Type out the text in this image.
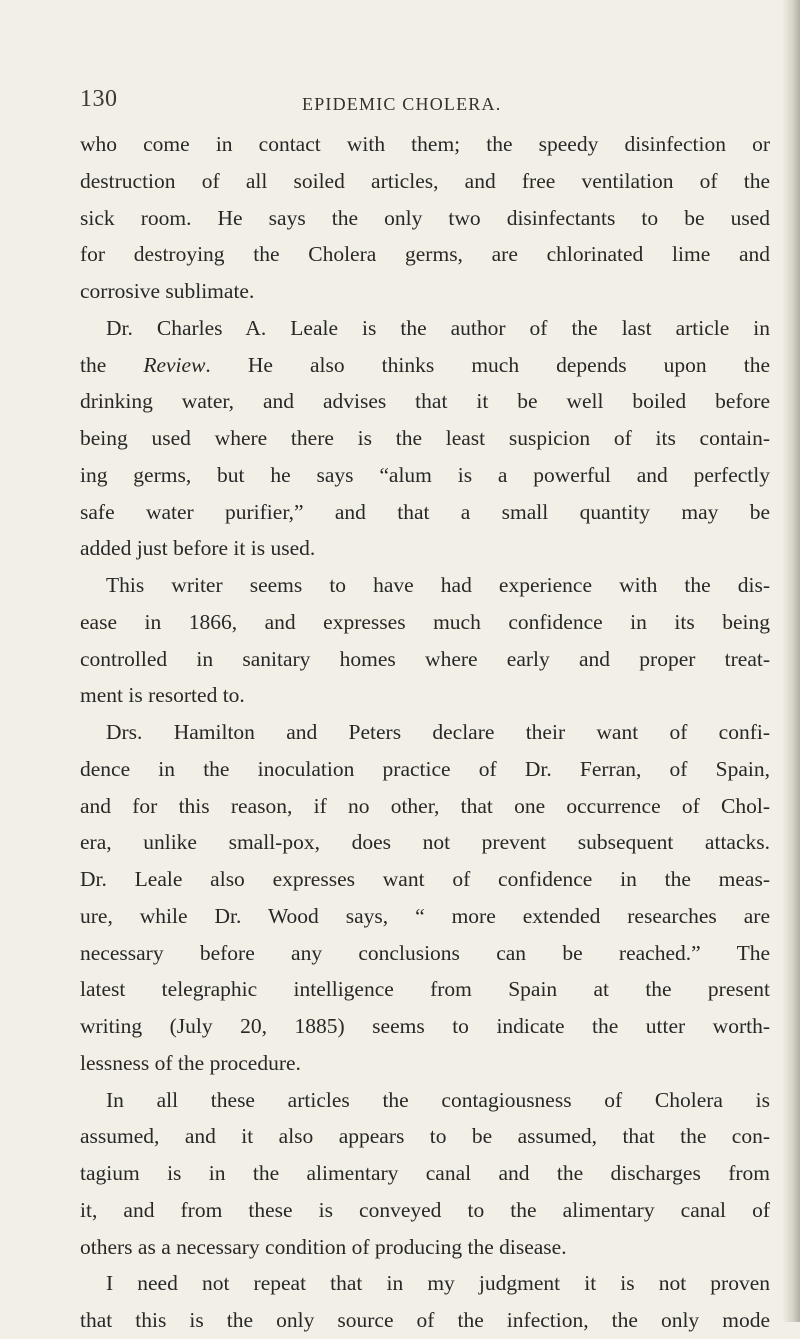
130	EPIDEMIC CHOLERA.
who come in contact with them; the speedy disinfection or
destruction of all soiled articles, and free ventilation of the
sick room. He says the only two disinfectants to be used
for destroying the Cholera germs, are chlorinated lime and
corrosive sublimate.
Dr. Charles A. Leale is the author of the last article in
the Review. He also thinks much depends upon the
drinking water, and advises that it be well boiled before
being used where there is the least suspicion of its contain-
ing germs, but he says “alum is a powerful and perfectly
safe water purifier,” and that a small quantity may be
added just before it is used.
This writer seems to have had experience with the dis-
ease in 1866, and expresses much confidence in its being
controlled in sanitary homes where early and proper treat-
ment is resorted to.
Drs. Hamilton and Peters declare their want of confi-
dence in the inoculation practice of Dr. Ferran, of Spain,
and for this reason, if no other, that one occurrence of Chol-
era, unlike small-pox, does not prevent subsequent attacks.
Dr. Leale also expresses want of confidence in the meas-
ure, while Dr. Wood says, “ more extended researches are
necessary before any conclusions can be reached.” The
latest telegraphic intelligence from Spain at the present
writing (July 20, 1885) seems to indicate the utter worth-
lessness of the procedure.
In all these articles the contagiousness of Cholera is
assumed, and it also appears to be assumed, that the con-
tagium is in the alimentary canal and the discharges from
it, and from these is conveyed to the alimentary canal of
others as a necessary condition of producing the disease.
I need not repeat that in my judgment it is not proven
that this is the only source of the infection, the only mode
